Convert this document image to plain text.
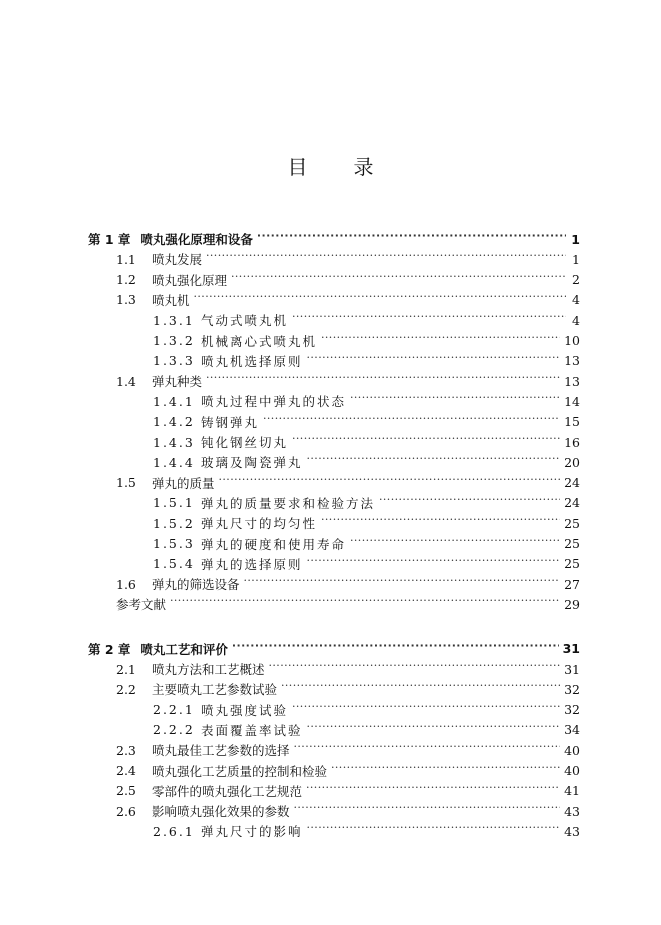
目 录
第 1 章 喷丸强化原理和设备 ·····	1
1.1	喷丸发展 ·····	1
1.2	喷丸强化原理 ·····	2
1.3	喷丸机 ·····	4
1.3.1 气动式喷丸机 ·····	4
1.3.2 机械离心式喷丸机 ·····	10
1.3.3 喷丸机选择原则 ·····	13
1.4	弹丸种类 ·····	13
1.4.1 喷丸过程中弹丸的状态 ·····	14
1.4.2 铸钢弹丸 ·····	15
1.4.3 钝化钢丝切丸 ·····	16
1.4.4 玻璃及陶瓷弹丸 ·····	20
1.5	弹丸的质量 ·····	24
1.5.1 弹丸的质量要求和检验方法 ·····	24
1.5.2 弹丸尺寸的均匀性 ·····	25
1.5.3 弹丸的硬度和使用寿命 ·····	25
1.5.4 弹丸的选择原则 ·····	25
1.6	弹丸的筛选设备 ·····	27
参考文献 ·····	29
第 2 章 喷丸工艺和评价 ·····	31
2.1	喷丸方法和工艺概述 ·····	31
2.2	主要喷丸工艺参数试验 ·····	32
2.2.1 喷丸强度试验 ·····	32
2.2.2 表面覆盖率试验 ·····	34
2.3	喷丸最佳工艺参数的选择 ·····	40
2.4	喷丸强化工艺质量的控制和检验 ·····	40
2.5	零部件的喷丸强化工艺规范 ·····	41
2.6	影响喷丸强化效果的参数 ·····	43
2.6.1 弹丸尺寸的影响 ·····	43
